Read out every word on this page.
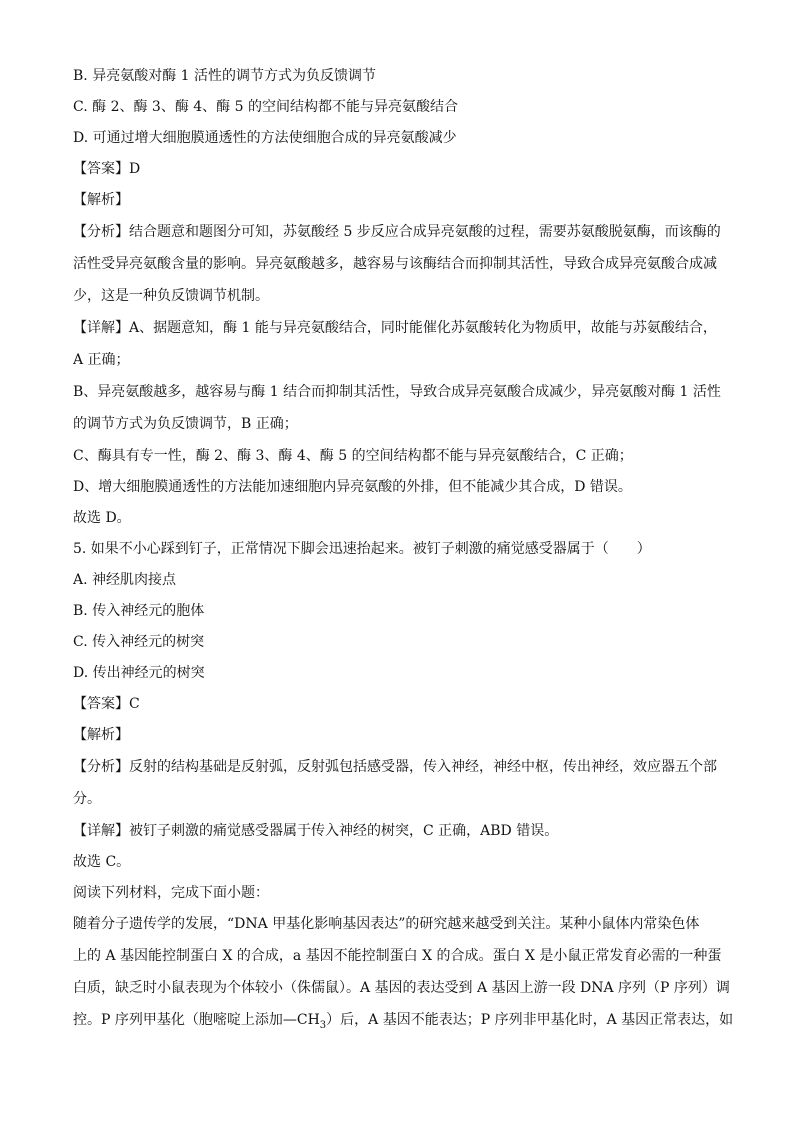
B. 异亮氨酸对酶 1 活性的调节方式为负反馈调节
C. 酶 2、酶 3、酶 4、酶 5 的空间结构都不能与异亮氨酸结合
D. 可通过增大细胞膜通透性的方法使细胞合成的异亮氨酸减少
【答案】D
【解析】
【分析】结合题意和题图分可知，苏氨酸经 5 步反应合成异亮氨酸的过程，需要苏氨酸脱氨酶，而该酶的
活性受异亮氨酸含量的影响。异亮氨酸越多，越容易与该酶结合而抑制其活性，导致合成异亮氨酸合成减
少，这是一种负反馈调节机制。
【详解】A、据题意知，酶 1 能与异亮氨酸结合，同时能催化苏氨酸转化为物质甲，故能与苏氨酸结合，
A 正确；
B、异亮氨酸越多，越容易与酶 1 结合而抑制其活性，导致合成异亮氨酸合成减少，异亮氨酸对酶 1 活性
的调节方式为负反馈调节，B 正确；
C、酶具有专一性，酶 2、酶 3、酶 4、酶 5 的空间结构都不能与异亮氨酸结合，C 正确；
D、增大细胞膜通透性的方法能加速细胞内异亮氨酸的外排，但不能减少其合成，D 错误。
故选 D。
5. 如果不小心踩到钉子，正常情况下脚会迅速抬起来。被钉子刺激的痛觉感受器属于（　　）
A. 神经肌肉接点
B. 传入神经元的胞体
C. 传入神经元的树突
D. 传出神经元的树突
【答案】C
【解析】
【分析】反射的结构基础是反射弧，反射弧包括感受器，传入神经，神经中枢，传出神经，效应器五个部
分。
【详解】被钉子刺激的痛觉感受器属于传入神经的树突，C 正确，ABD 错误。
故选 C。
阅读下列材料，完成下面小题：
随着分子遗传学的发展，“DNA 甲基化影响基因表达”的研究越来越受到关注。某种小鼠体内常染色体
上的 A 基因能控制蛋白 X 的合成，a 基因不能控制蛋白 X 的合成。蛋白 X 是小鼠正常发育必需的一种蛋
白质，缺乏时小鼠表现为个体较小（侏儒鼠）。A 基因的表达受到 A 基因上游一段 DNA 序列（P 序列）调
控。P 序列甲基化（胞嘧啶上添加$—CH_3$）后，A 基因不能表达；P 序列非甲基化时，A 基因正常表达，如
